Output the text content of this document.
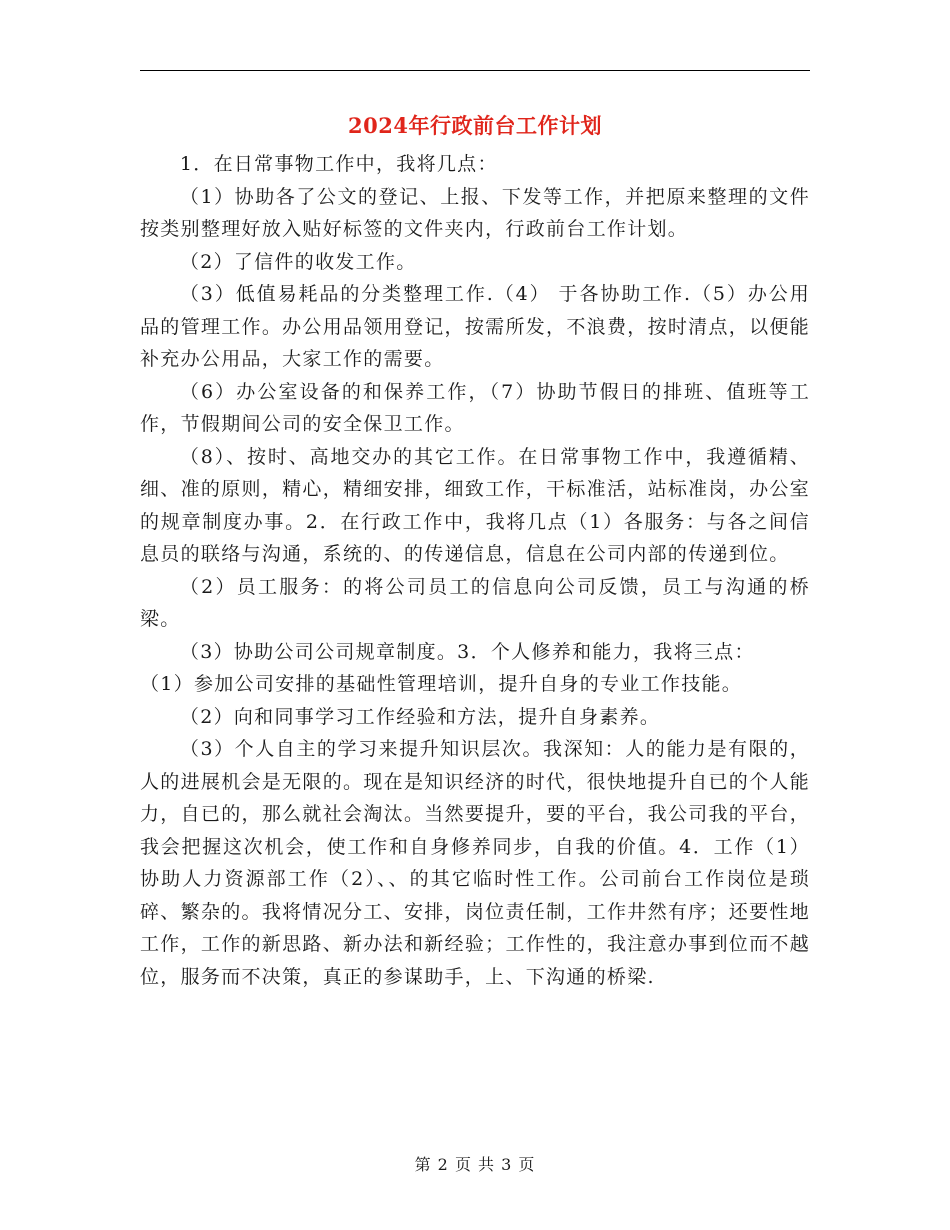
2024年行政前台工作计划

1．在日常事物工作中，我将几点：

（1）协助各了公文的登记、上报、下发等工作，并把原来整理的文件按类别整理好放入贴好标签的文件夹内，行政前台工作计划。

（2）了信件的收发工作。

（3）低值易耗品的分类整理工作.（4） 于各协助工作.（5）办公用品的管理工作。办公用品领用登记，按需所发，不浪费，按时清点，以便能补充办公用品，大家工作的需要。

（6）办公室设备的和保养工作，（7）协助节假日的排班、值班等工作，节假期间公司的安全保卫工作。

（8）、按时、高地交办的其它工作。在日常事物工作中，我遵循精、细、准的原则，精心，精细安排，细致工作，干标准活，站标准岗，办公室的规章制度办事。2．在行政工作中，我将几点（1）各服务：与各之间信息员的联络与沟通，系统的、的传递信息，信息在公司内部的传递到位。

（2）员工服务：的将公司员工的信息向公司反馈，员工与沟通的桥梁。

（3）协助公司公司规章制度。3．个人修养和能力，我将三点：

（1）参加公司安排的基础性管理培训，提升自身的专业工作技能。

（2）向和同事学习工作经验和方法，提升自身素养。

（3）个人自主的学习来提升知识层次。我深知：人的能力是有限的，人的进展机会是无限的。现在是知识经济的时代，很快地提升自已的个人能力，自已的，那么就社会淘汰。当然要提升，要的平台，我公司我的平台，我会把握这次机会，使工作和自身修养同步，自我的价值。4．工作（1）协助人力资源部工作（2）、、的其它临时性工作。公司前台工作岗位是琐碎、繁杂的。我将情况分工、安排，岗位责任制，工作井然有序；还要性地工作，工作的新思路、新办法和新经验；工作性的，我注意办事到位而不越位，服务而不决策，真正的参谋助手，上、下沟通的桥梁.

第 2 页 共 3 页
